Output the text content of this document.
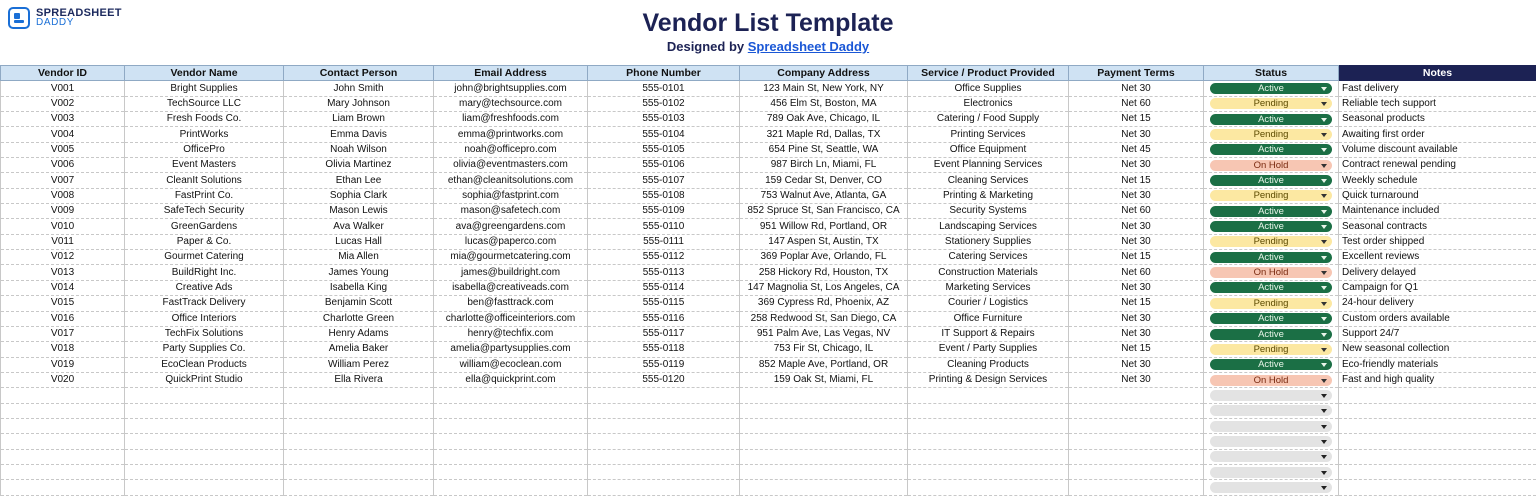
SPREADSHEET
DADDY	Vendor List Template
Designed by Spreadsheet Daddy
Vendor ID	Vendor Name	Contact Person	Email Address	Phone Number	Company Address	Service / Product Provided	Payment Terms	Status	Notes
V001	Bright Supplies	John Smith	john@brightsupplies.com	555-0101	123 Main St, New York, NY	Office Supplies	Net 30	Active	Fast delivery
V002	TechSource LLC	Mary Johnson	mary@techsource.com	555-0102	456 Elm St, Boston, MA	Electronics	Net 60	Pending	Reliable tech support
V003	Fresh Foods Co.	Liam Brown	liam@freshfoods.com	555-0103	789 Oak Ave, Chicago, IL	Catering / Food Supply	Net 15	Active	Seasonal products
V004	PrintWorks	Emma Davis	emma@printworks.com	555-0104	321 Maple Rd, Dallas, TX	Printing Services	Net 30	Pending	Awaiting first order
V005	OfficePro	Noah Wilson	noah@officepro.com	555-0105	654 Pine St, Seattle, WA	Office Equipment	Net 45	Active	Volume discount available
V006	Event Masters	Olivia Martinez	olivia@eventmasters.com	555-0106	987 Birch Ln, Miami, FL	Event Planning Services	Net 30	On Hold	Contract renewal pending
V007	CleanIt Solutions	Ethan Lee	ethan@cleanitsolutions.com	555-0107	159 Cedar St, Denver, CO	Cleaning Services	Net 15	Active	Weekly schedule
V008	FastPrint Co.	Sophia Clark	sophia@fastprint.com	555-0108	753 Walnut Ave, Atlanta, GA	Printing & Marketing	Net 30	Pending	Quick turnaround
V009	SafeTech Security	Mason Lewis	mason@safetech.com	555-0109	852 Spruce St, San Francisco, CA	Security Systems	Net 60	Active	Maintenance included
V010	GreenGardens	Ava Walker	ava@greengardens.com	555-0110	951 Willow Rd, Portland, OR	Landscaping Services	Net 30	Active	Seasonal contracts
V011	Paper & Co.	Lucas Hall	lucas@paperco.com	555-0111	147 Aspen St, Austin, TX	Stationery Supplies	Net 30	Pending	Test order shipped
V012	Gourmet Catering	Mia Allen	mia@gourmetcatering.com	555-0112	369 Poplar Ave, Orlando, FL	Catering Services	Net 15	Active	Excellent reviews
V013	BuildRight Inc.	James Young	james@buildright.com	555-0113	258 Hickory Rd, Houston, TX	Construction Materials	Net 60	On Hold	Delivery delayed
V014	Creative Ads	Isabella King	isabella@creativeads.com	555-0114	147 Magnolia St, Los Angeles, CA	Marketing Services	Net 30	Active	Campaign for Q1
V015	FastTrack Delivery	Benjamin Scott	ben@fasttrack.com	555-0115	369 Cypress Rd, Phoenix, AZ	Courier / Logistics	Net 15	Pending	24-hour delivery
V016	Office Interiors	Charlotte Green	charlotte@officeinteriors.com	555-0116	258 Redwood St, San Diego, CA	Office Furniture	Net 30	Active	Custom orders available
V017	TechFix Solutions	Henry Adams	henry@techfix.com	555-0117	951 Palm Ave, Las Vegas, NV	IT Support & Repairs	Net 30	Active	Support 24/7
V018	Party Supplies Co.	Amelia Baker	amelia@partysupplies.com	555-0118	753 Fir St, Chicago, IL	Event / Party Supplies	Net 15	Pending	New seasonal collection
V019	EcoClean Products	William Perez	william@ecoclean.com	555-0119	852 Maple Ave, Portland, OR	Cleaning Products	Net 30	Active	Eco-friendly materials
V020	QuickPrint Studio	Ella Rivera	ella@quickprint.com	555-0120	159 Oak St, Miami, FL	Printing & Design Services	Net 30	On Hold	Fast and high quality
